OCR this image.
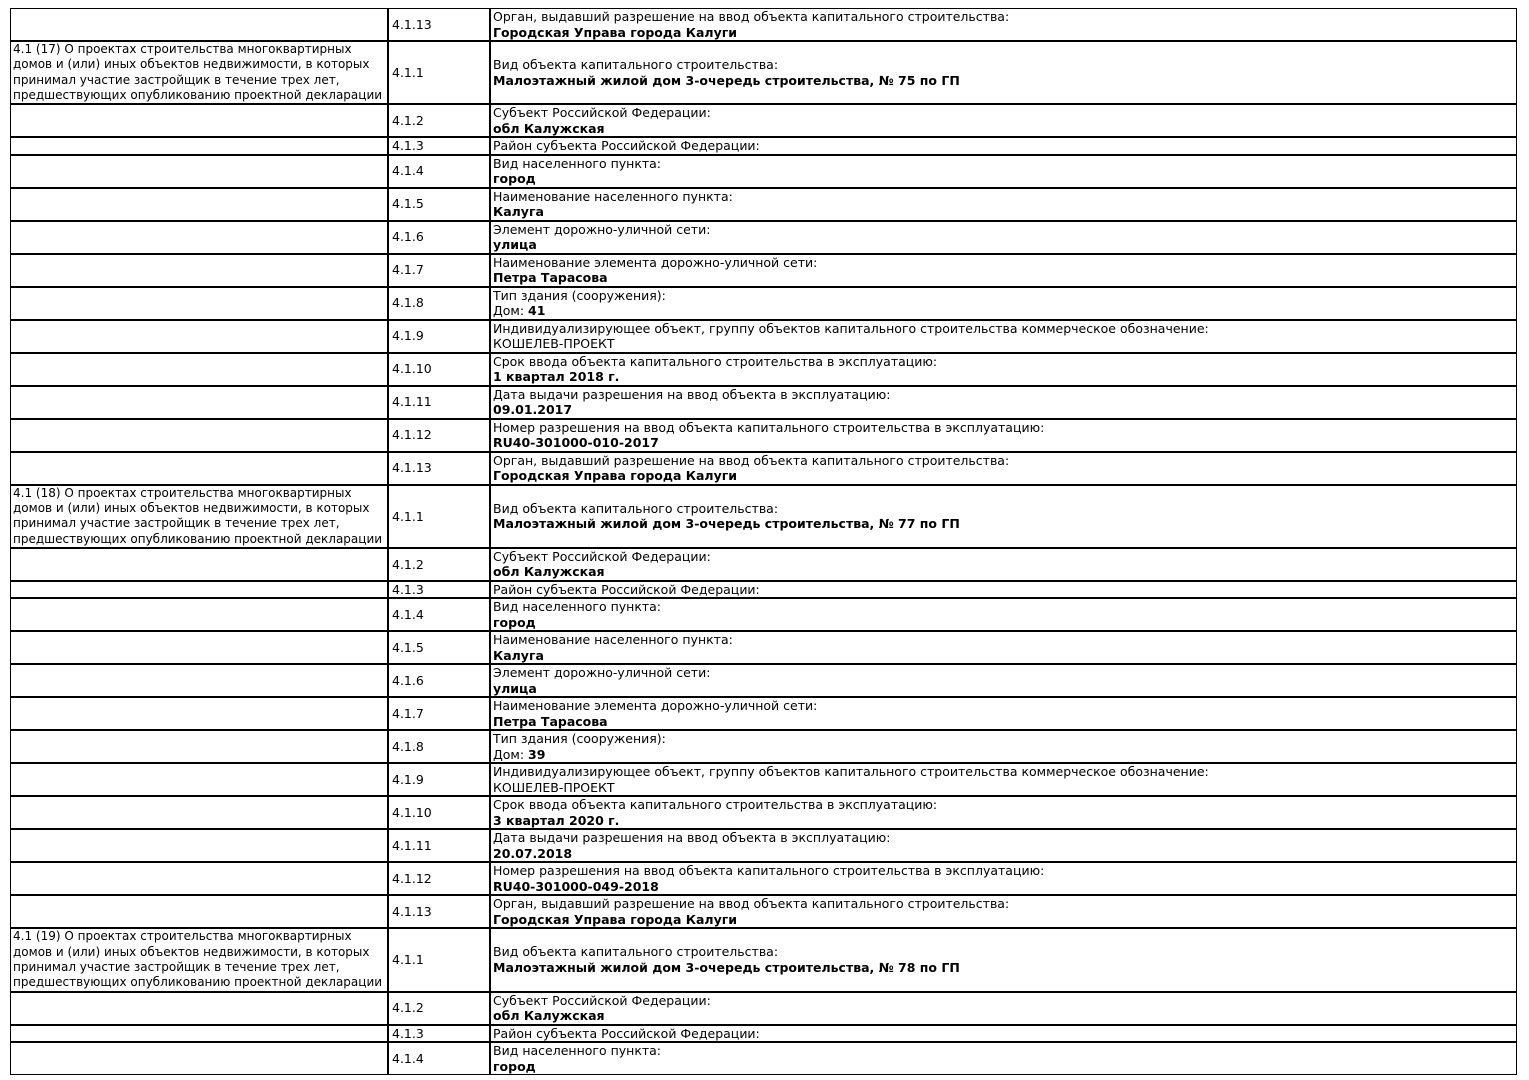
	4.1.13	Орган, выдавший разрешение на ввод объекта капитального строительства:
Городская Управа города Калуги

4.1 (17) О проектах строительства многоквартирных домов и (или) иных объектов недвижимости, в которых принимал участие застройщик в течение трех лет, предшествующих опубликованию проектной декларации	4.1.1	Вид объекта капитального строительства:
Малоэтажный жилой дом 3-очередь строительства, № 75 по ГП

	4.1.2	Субъект Российской Федерации:
обл Калужская

	4.1.3	Район субъекта Российской Федерации:

	4.1.4	Вид населенного пункта:
город

	4.1.5	Наименование населенного пункта:
Калуга

	4.1.6	Элемент дорожно-уличной сети:
улица

	4.1.7	Наименование элемента дорожно-уличной сети:
Петра Тарасова

	4.1.8	Тип здания (сооружения):
Дом: 41

	4.1.9	Индивидуализирующее объект, группу объектов капитального строительства коммерческое обозначение:
КОШЕЛЕВ-ПРОЕКТ

	4.1.10	Срок ввода объекта капитального строительства в эксплуатацию:
1 квартал 2018 г.

	4.1.11	Дата выдачи разрешения на ввод объекта в эксплуатацию:
09.01.2017

	4.1.12	Номер разрешения на ввод объекта капитального строительства в эксплуатацию:
RU40-301000-010-2017

	4.1.13	Орган, выдавший разрешение на ввод объекта капитального строительства:
Городская Управа города Калуги

4.1 (18) О проектах строительства многоквартирных домов и (или) иных объектов недвижимости, в которых принимал участие застройщик в течение трех лет, предшествующих опубликованию проектной декларации	4.1.1	Вид объекта капитального строительства:
Малоэтажный жилой дом 3-очередь строительства, № 77 по ГП

	4.1.2	Субъект Российской Федерации:
обл Калужская

	4.1.3	Район субъекта Российской Федерации:

	4.1.4	Вид населенного пункта:
город

	4.1.5	Наименование населенного пункта:
Калуга

	4.1.6	Элемент дорожно-уличной сети:
улица

	4.1.7	Наименование элемента дорожно-уличной сети:
Петра Тарасова

	4.1.8	Тип здания (сооружения):
Дом: 39

	4.1.9	Индивидуализирующее объект, группу объектов капитального строительства коммерческое обозначение:
КОШЕЛЕВ-ПРОЕКТ

	4.1.10	Срок ввода объекта капитального строительства в эксплуатацию:
3 квартал 2020 г.

	4.1.11	Дата выдачи разрешения на ввод объекта в эксплуатацию:
20.07.2018

	4.1.12	Номер разрешения на ввод объекта капитального строительства в эксплуатацию:
RU40-301000-049-2018

	4.1.13	Орган, выдавший разрешение на ввод объекта капитального строительства:
Городская Управа города Калуги

4.1 (19) О проектах строительства многоквартирных домов и (или) иных объектов недвижимости, в которых принимал участие застройщик в течение трех лет, предшествующих опубликованию проектной декларации	4.1.1	Вид объекта капитального строительства:
Малоэтажный жилой дом 3-очередь строительства, № 78 по ГП

	4.1.2	Субъект Российской Федерации:
обл Калужская

	4.1.3	Район субъекта Российской Федерации:

	4.1.4	Вид населенного пункта:
город
